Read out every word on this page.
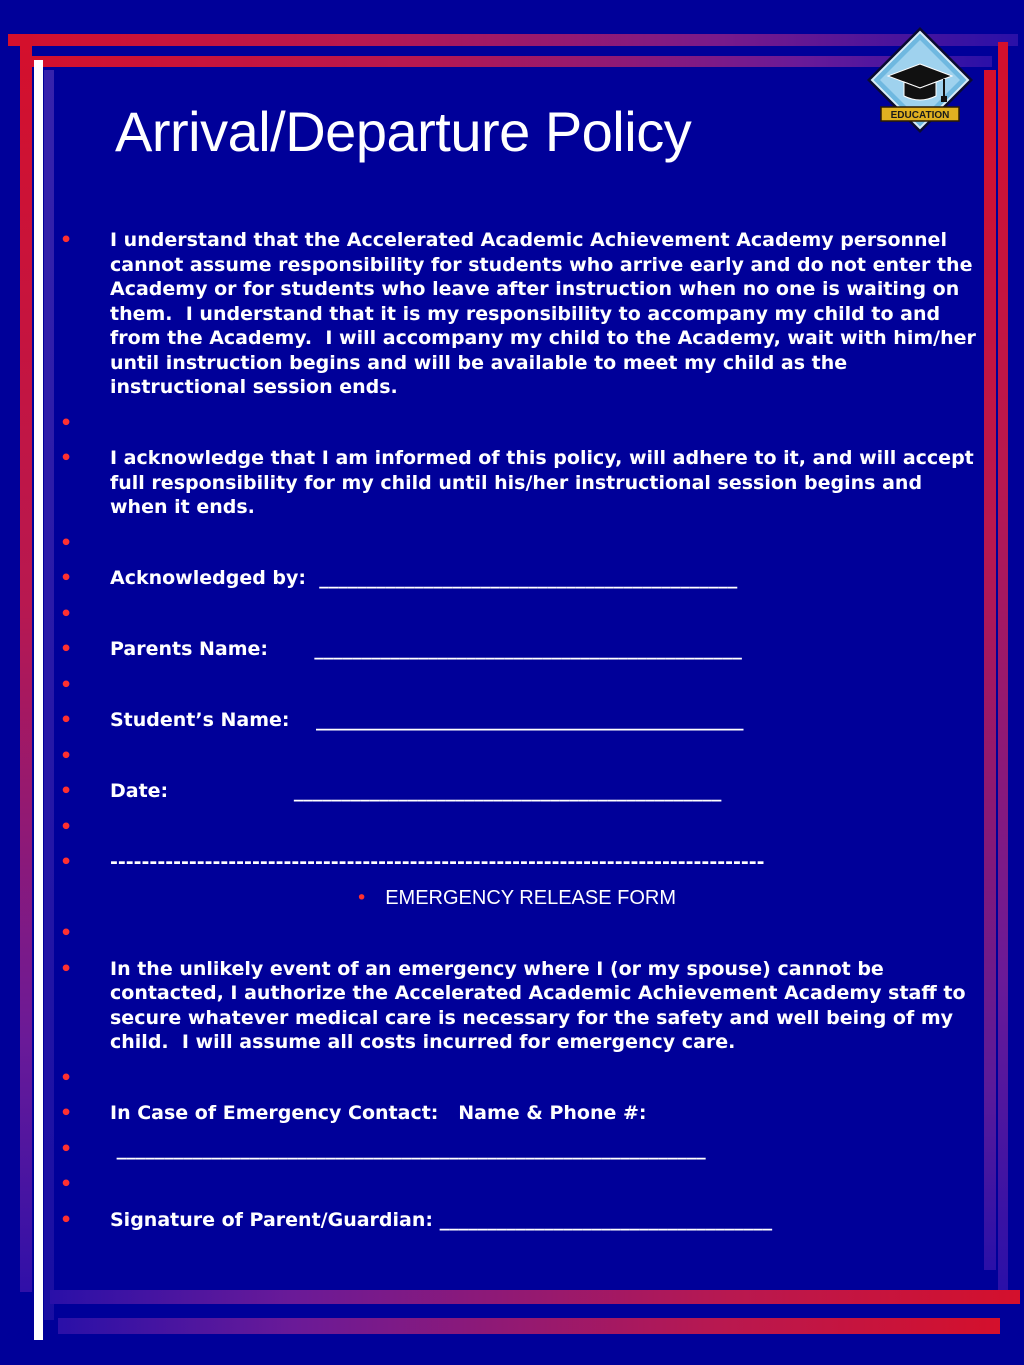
Arrival/Departure Policy	EDUCATION
• I understand that the Accelerated Academic Achievement Academy personnel cannot assume responsibility for students who arrive early and do not enter the Academy or for students who leave after instruction when no one is waiting on them.  I understand that it is my responsibility to accompany my child to and from the Academy.  I will accompany my child to the Academy, wait with him/her until instruction begins and will be available to meet my child as the instructional session ends.
•
• I acknowledge that I am informed of this policy, will adhere to it, and will accept full responsibility for my child until his/her instructional session begins and when it ends.
•
• Acknowledged by:  ____________________________________________
•
• Parents Name:       _____________________________________________
•
• Student’s Name:    _____________________________________________
•
• Date:                   _____________________________________________
•
• -----------------------------------------------------------------------------------
• EMERGENCY RELEASE FORM
•
• In the unlikely event of an emergency where I (or my spouse) cannot be contacted, I authorize the Accelerated Academic Achievement Academy staff to secure whatever medical care is necessary for the safety and well being of my child.  I will assume all costs incurred for emergency care.
•
• In Case of Emergency Contact:   Name & Phone #:
•  ______________________________________________________________
•
• Signature of Parent/Guardian: ___________________________________
